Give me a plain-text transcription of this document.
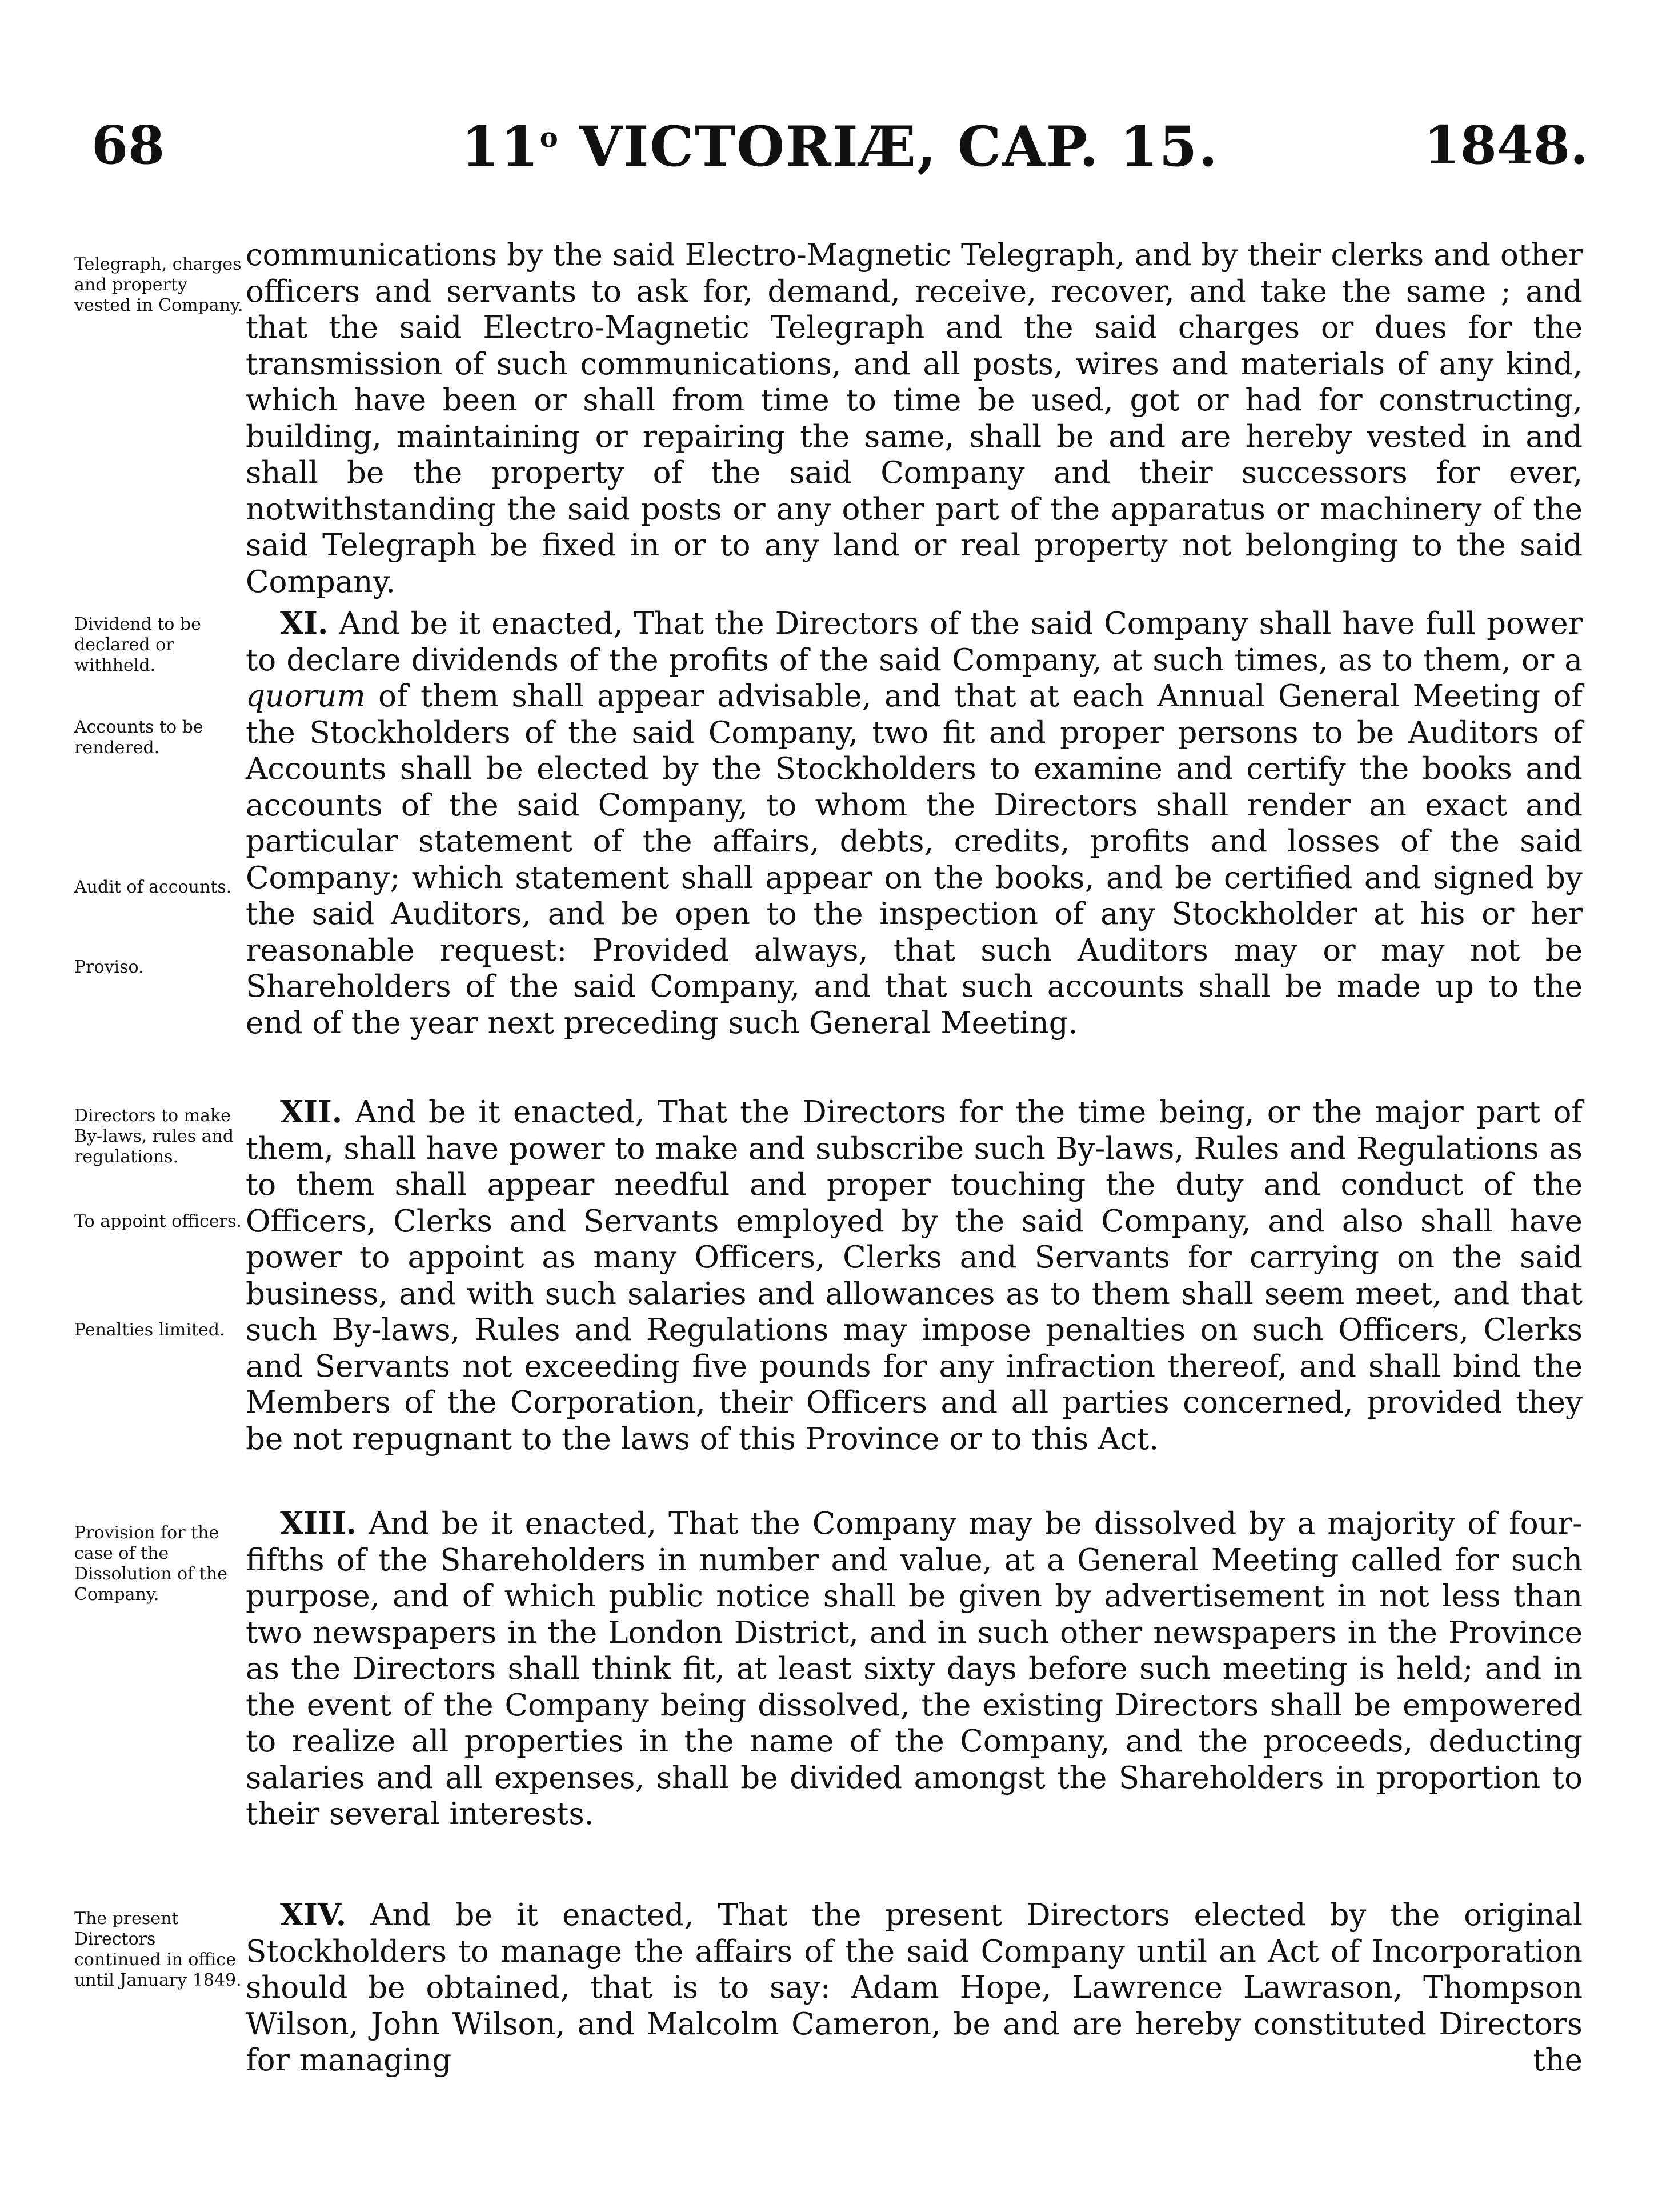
68	11$^o$ VICTORIÆ, CAP. 15.	1848.
Telegraph, charges and property vested in Company.
Dividend to be declared or withheld.
Accounts to be rendered.
Audit of accounts.
Proviso.
Directors to make By-laws, rules and regulations.
To appoint officers.
Penalties limited.
Provision for the case of the Dissolution of the Company.
The present Directors continued in office until January 1849.
communications by the said Electro-Magnetic Telegraph, and by their clerks and other officers and servants to ask for, demand, receive, recover, and take the same ; and that the said Electro-Magnetic Telegraph and the said charges or dues for the transmission of such communications, and all posts, wires and materials of any kind, which have been or shall from time to time be used, got or had for constructing, building, maintaining or repairing the same, shall be and are hereby vested in and shall be the property of the said Company and their successors for ever, notwithstanding the said posts or any other part of the apparatus or machinery of the said Telegraph be fixed in or to any land or real property not belonging to the said Company.
XI. And be it enacted, That the Directors of the said Company shall have full power to declare dividends of the profits of the said Company, at such times, as to them, or a quorum of them shall appear advisable, and that at each Annual General Meeting of the Stockholders of the said Company, two fit and proper persons to be Auditors of Accounts shall be elected by the Stockholders to examine and certify the books and accounts of the said Company, to whom the Directors shall render an exact and particular statement of the affairs, debts, credits, profits and losses of the said Company; which statement shall appear on the books, and be certified and signed by the said Auditors, and be open to the inspection of any Stockholder at his or her reasonable request: Provided always, that such Auditors may or may not be Shareholders of the said Company, and that such accounts shall be made up to the end of the year next preceding such General Meeting.
XII. And be it enacted, That the Directors for the time being, or the major part of them, shall have power to make and subscribe such By-laws, Rules and Regulations as to them shall appear needful and proper touching the duty and conduct of the Officers, Clerks and Servants employed by the said Company, and also shall have power to appoint as many Officers, Clerks and Servants for carrying on the said business, and with such salaries and allowances as to them shall seem meet, and that such By-laws, Rules and Regulations may impose penalties on such Officers, Clerks and Servants not exceeding five pounds for any infraction thereof, and shall bind the Members of the Corporation, their Officers and all parties concerned, provided they be not repugnant to the laws of this Province or to this Act.
XIII. And be it enacted, That the Company may be dissolved by a majority of four-fifths of the Shareholders in number and value, at a General Meeting called for such purpose, and of which public notice shall be given by advertisement in not less than two newspapers in the London District, and in such other newspapers in the Province as the Directors shall think fit, at least sixty days before such meeting is held; and in the event of the Company being dissolved, the existing Directors shall be empowered to realize all properties in the name of the Company, and the proceeds, deducting salaries and all expenses, shall be divided amongst the Shareholders in proportion to their several interests.
XIV. And be it enacted, That the present Directors elected by the original Stockholders to manage the affairs of the said Company until an Act of Incorporation should be obtained, that is to say: Adam Hope, Lawrence Lawrason, Thompson Wilson, John Wilson, and Malcolm Cameron, be and are hereby constituted Directors for managing	the
